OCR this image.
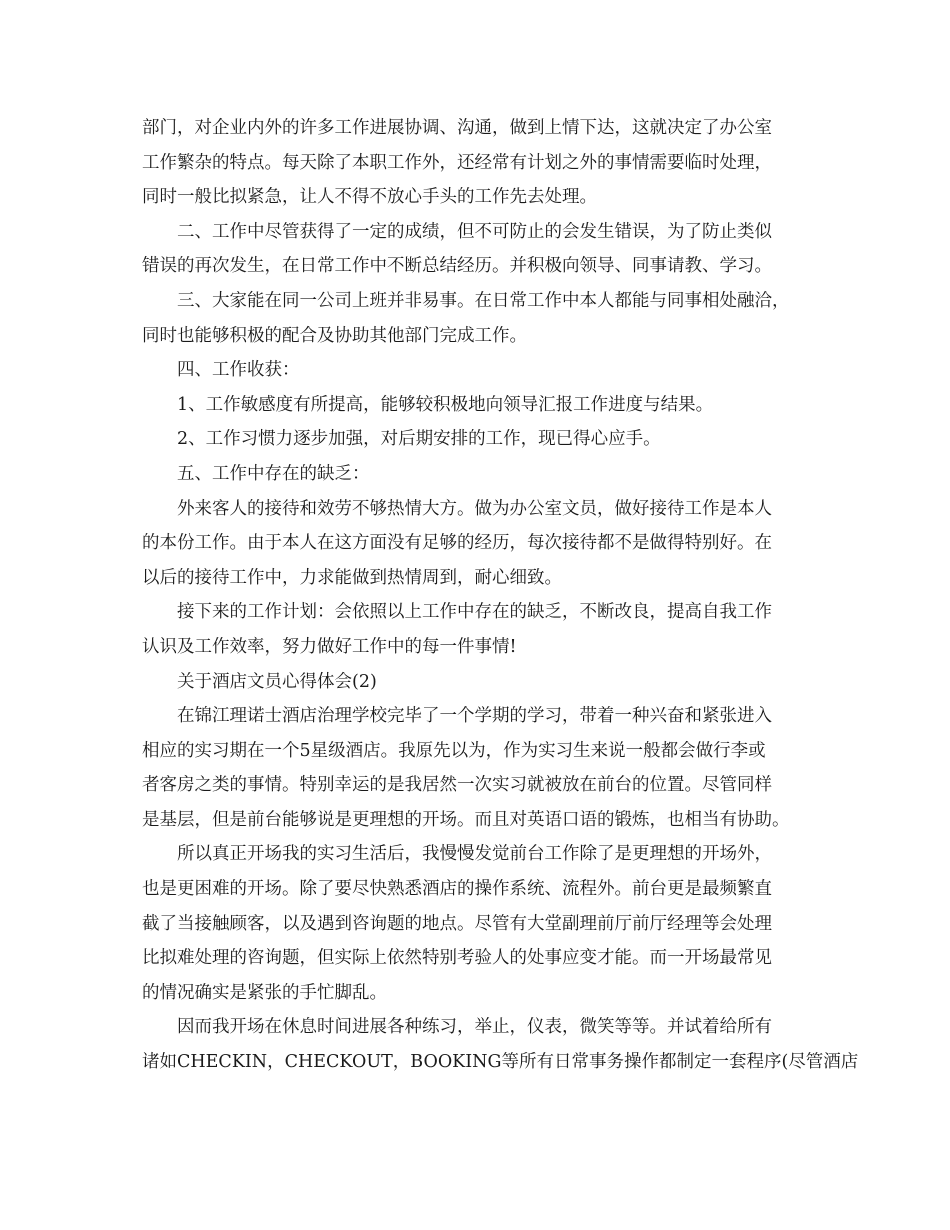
部门，对企业内外的许多工作进展协调、沟通，做到上情下达，这就决定了办公室
工作繁杂的特点。每天除了本职工作外，还经常有计划之外的事情需要临时处理，
同时一般比拟紧急，让人不得不放心手头的工作先去处理。
二、工作中尽管获得了一定的成绩，但不可防止的会发生错误，为了防止类似
错误的再次发生，在日常工作中不断总结经历。并积极向领导、同事请教、学习。
三、大家能在同一公司上班并非易事。在日常工作中本人都能与同事相处融洽，
同时也能够积极的配合及协助其他部门完成工作。
四、工作收获：
1、工作敏感度有所提高，能够较积极地向领导汇报工作进度与结果。
2、工作习惯力逐步加强，对后期安排的工作，现已得心应手。
五、工作中存在的缺乏：
外来客人的接待和效劳不够热情大方。做为办公室文员，做好接待工作是本人
的本份工作。由于本人在这方面没有足够的经历，每次接待都不是做得特别好。在
以后的接待工作中，力求能做到热情周到，耐心细致。
接下来的工作计划：会依照以上工作中存在的缺乏，不断改良，提高自我工作
认识及工作效率，努力做好工作中的每一件事情!
关于酒店文员心得体会(2)
在锦江理诺士酒店治理学校完毕了一个学期的学习，带着一种兴奋和紧张进入
相应的实习期在一个5星级酒店。我原先以为，作为实习生来说一般都会做行李或
者客房之类的事情。特别幸运的是我居然一次实习就被放在前台的位置。尽管同样
是基层，但是前台能够说是更理想的开场。而且对英语口语的锻炼，也相当有协助。
所以真正开场我的实习生活后，我慢慢发觉前台工作除了是更理想的开场外，
也是更困难的开场。除了要尽快熟悉酒店的操作系统、流程外。前台更是最频繁直
截了当接触顾客，以及遇到咨询题的地点。尽管有大堂副理前厅前厅经理等会处理
比拟难处理的咨询题，但实际上依然特别考验人的处事应变才能。而一开场最常见
的情况确实是紧张的手忙脚乱。
因而我开场在休息时间进展各种练习，举止，仪表，微笑等等。并试着给所有
诸如CHECKIN，CHECKOUT，BOOKING等所有日常事务操作都制定一套程序(尽管酒店
